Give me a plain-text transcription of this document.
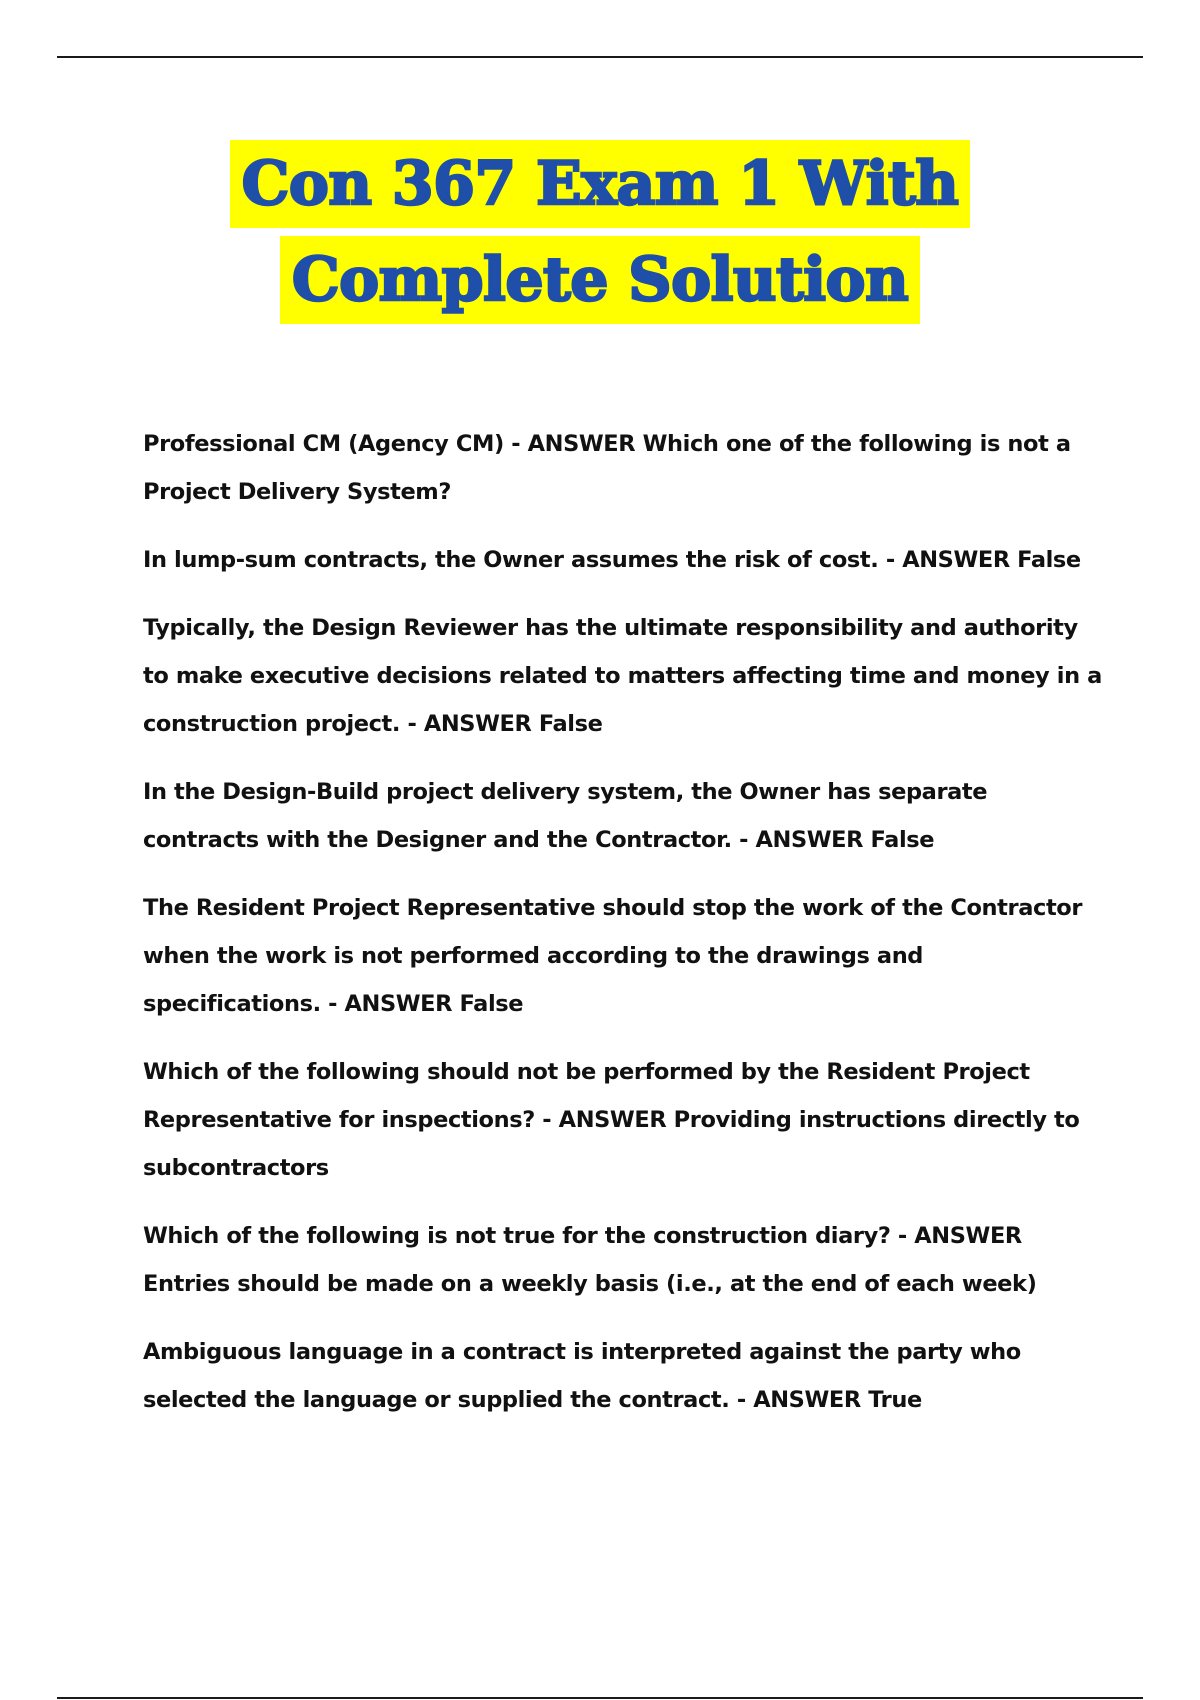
Con 367 Exam 1 With
Complete Solution
Professional CM (Agency CM) - ANSWER Which one of the following is not a Project Delivery System?
In lump-sum contracts, the Owner assumes the risk of cost. - ANSWER False
Typically, the Design Reviewer has the ultimate responsibility and authority to make executive decisions related to matters affecting time and money in a construction project. - ANSWER False
In the Design-Build project delivery system, the Owner has separate contracts with the Designer and the Contractor. - ANSWER False
The Resident Project Representative should stop the work of the Contractor when the work is not performed according to the drawings and specifications. - ANSWER False
Which of the following should not be performed by the Resident Project Representative for inspections? - ANSWER Providing instructions directly to subcontractors
Which of the following is not true for the construction diary? - ANSWER Entries should be made on a weekly basis (i.e., at the end of each week)
Ambiguous language in a contract is interpreted against the party who selected the language or supplied the contract. - ANSWER True
